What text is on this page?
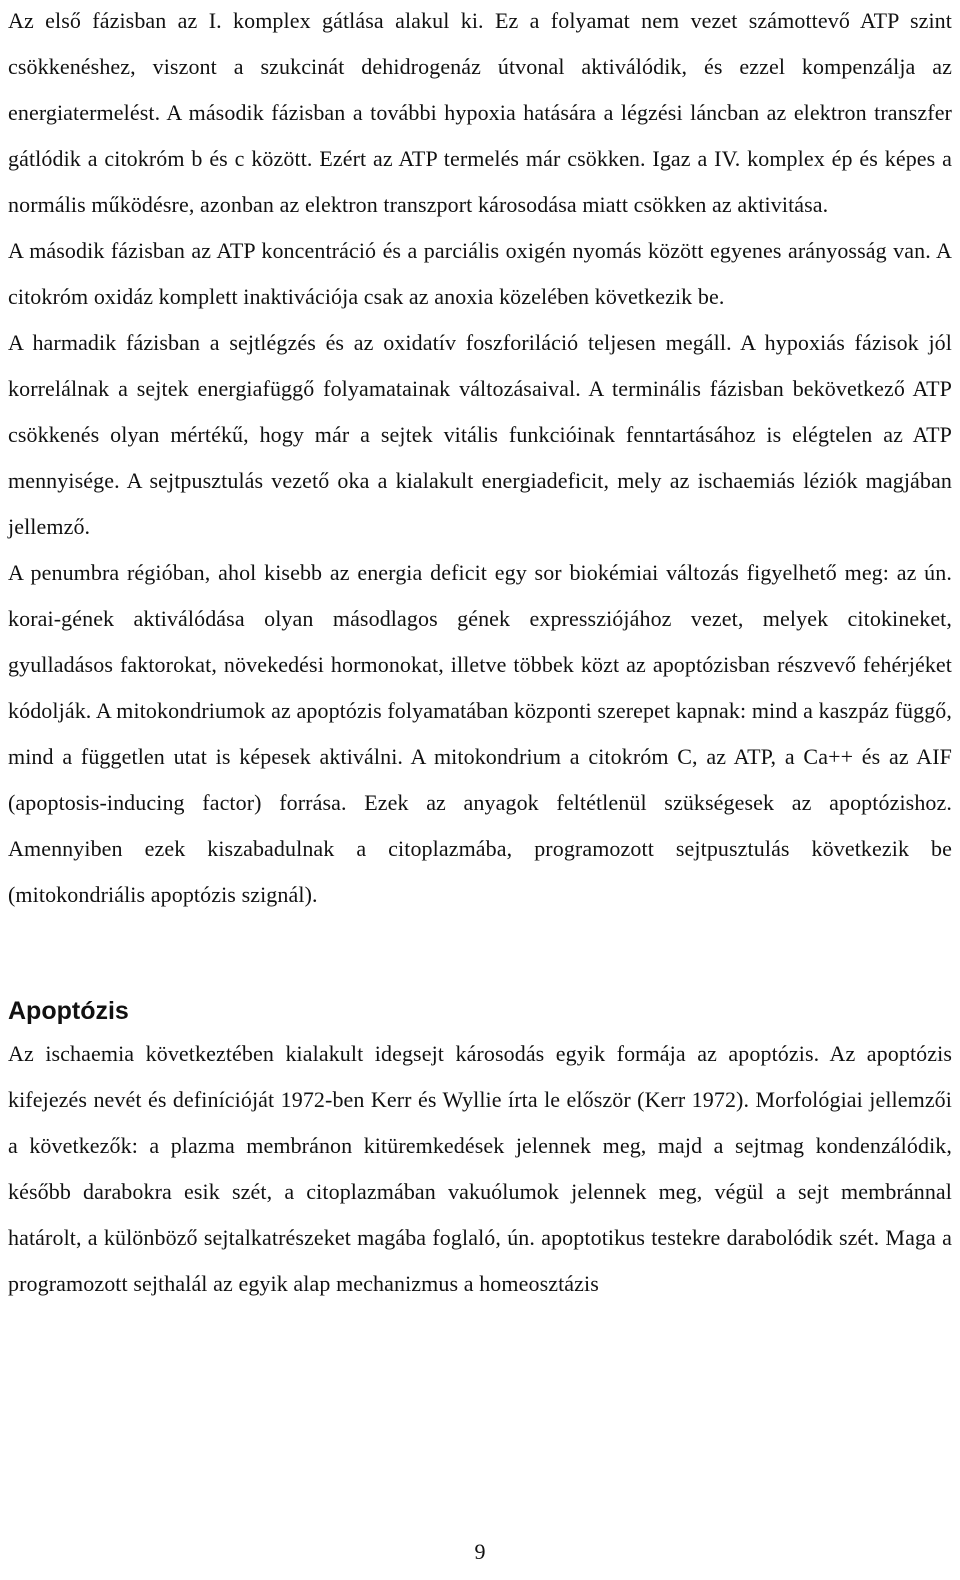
Az első fázisban az I. komplex gátlása alakul ki. Ez a folyamat nem vezet számottevő ATP szint csökkenéshez, viszont a szukcinát dehidrogenáz útvonal aktiválódik, és ezzel kompenzálja az energiatermelést. A második fázisban a további hypoxia hatására a légzési láncban az elektron transzfer gátlódik a citokróm b és c között. Ezért az ATP termelés már csökken. Igaz a IV. komplex ép és képes a normális működésre, azonban az elektron transzport károsodása miatt csökken az aktivitása.

A második fázisban az ATP koncentráció és a parciális oxigén nyomás között egyenes arányosság van. A citokróm oxidáz komplett inaktivációja csak az anoxia közelében következik be.

A harmadik fázisban a sejtlégzés és az oxidatív foszforiláció teljesen megáll. A hypoxiás fázisok jól korrelálnak a sejtek energiafüggő folyamatainak változásaival. A terminális fázisban bekövetkező ATP csökkenés olyan mértékű, hogy már a sejtek vitális funkcióinak fenntartásához is elégtelen az ATP mennyisége. A sejtpusztulás vezető oka a kialakult energiadeficit, mely az ischaemiás léziók magjában jellemző.

A penumbra régióban, ahol kisebb az energia deficit egy sor biokémiai változás figyelhető meg: az ún. korai-gének aktiválódása olyan másodlagos gének expressziójához vezet, melyek citokineket, gyulladásos faktorokat, növekedési hormonokat, illetve többek közt az apoptózisban részvevő fehérjéket kódolják. A mitokondriumok az apoptózis folyamatában központi szerepet kapnak: mind a kaszpáz függő, mind a független utat is képesek aktiválni. A mitokondrium a citokróm C, az ATP, a Ca++ és az AIF (apoptosis-inducing factor) forrása. Ezek az anyagok feltétlenül szükségesek az apoptózishoz. Amennyiben ezek kiszabadulnak a citoplazmába, programozott sejtpusztulás következik be (mitokondriális apoptózis szignál).

Apoptózis

Az ischaemia következtében kialakult idegsejt károsodás egyik formája az apoptózis. Az apoptózis kifejezés nevét és definícióját 1972-ben Kerr és Wyllie írta le először (Kerr 1972). Morfológiai jellemzői a következők: a plazma membránon kitüremkedések jelennek meg, majd a sejtmag kondenzálódik, később darabokra esik szét, a citoplazmában vakuólumok jelennek meg, végül a sejt membránnal határolt, a különböző sejtalkatrészeket magába foglaló, ún. apoptotikus testekre darabolódik szét. Maga a programozott sejthalál az egyik alap mechanizmus a homeosztázis

9
